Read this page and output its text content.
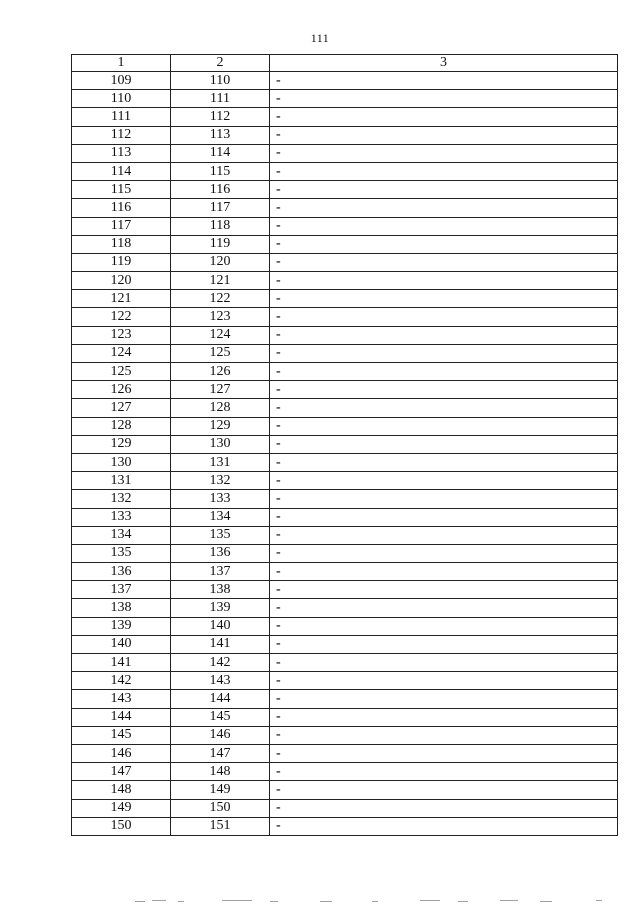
111
1	2	3
109	110	-
110	111	-
111	112	-
112	113	-
113	114	-
114	115	-
115	116	-
116	117	-
117	118	-
118	119	-
119	120	-
120	121	-
121	122	-
122	123	-
123	124	-
124	125	-
125	126	-
126	127	-
127	128	-
128	129	-
129	130	-
130	131	-
131	132	-
132	133	-
133	134	-
134	135	-
135	136	-
136	137	-
137	138	-
138	139	-
139	140	-
140	141	-
141	142	-
142	143	-
143	144	-
144	145	-
145	146	-
146	147	-
147	148	-
148	149	-
149	150	-
150	151	-
